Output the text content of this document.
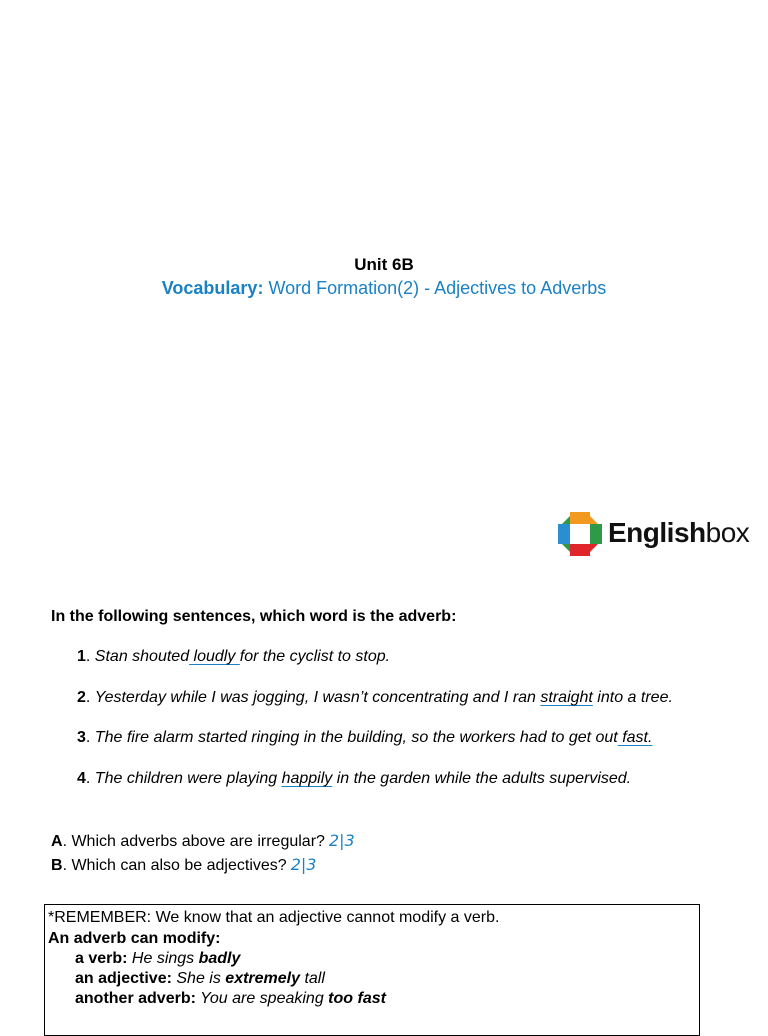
Unit 6B
Vocabulary: Word Formation(2) - Adjectives to Adverbs
Englishbox
In the following sentences, which word is the adverb:
1. Stan shouted loudly for the cyclist to stop.
2. Yesterday while I was jogging, I wasn’t concentrating and I ran straight into a tree.
3. The fire alarm started ringing in the building, so the workers had to get out fast.
4. The children were playing happily in the garden while the adults supervised.
A. Which adverbs above are irregular? 2|3
B. Which can also be adjectives? 2|3
*REMEMBER: We know that an adjective cannot modify a verb.
An adverb can modify:
a verb: He sings badly
an adjective: She is extremely tall
another adverb: You are speaking too fast
